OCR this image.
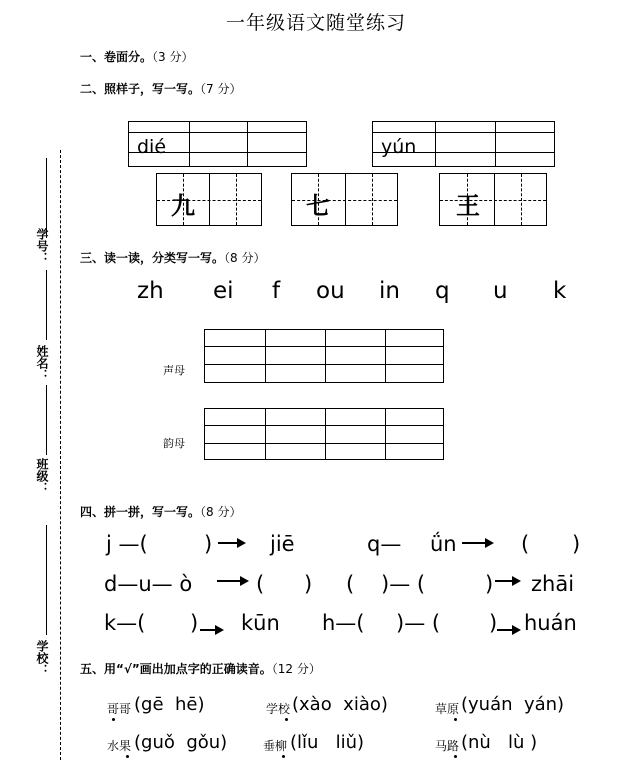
一年级语文随堂练习
学号：
姓名：
班级：
学校：
一、卷面分。（3 分）
二、照样子，写一写。（7 分）
dié	yún
九	七	王
三、读一读，分类写一写。（8 分）
zh ei f ou in q u k
声母
韵母
四、拼一拼，写一写。（8 分）
j —(	)	jiē	q— ǘn	( )
d—u— ò	( ) ( )— (	) zhāi
k—( ) kūn h—( )— ( ) huán
五、用“√”画出加点字的正确读音。（12 分）
哥哥 (gē  hē)	学校 (xào  xiào)	草原 (yuán  yán)
水果 (guǒ  gǒu)	垂柳 (lǐu   liǔ)	马路 (nù   lù )
